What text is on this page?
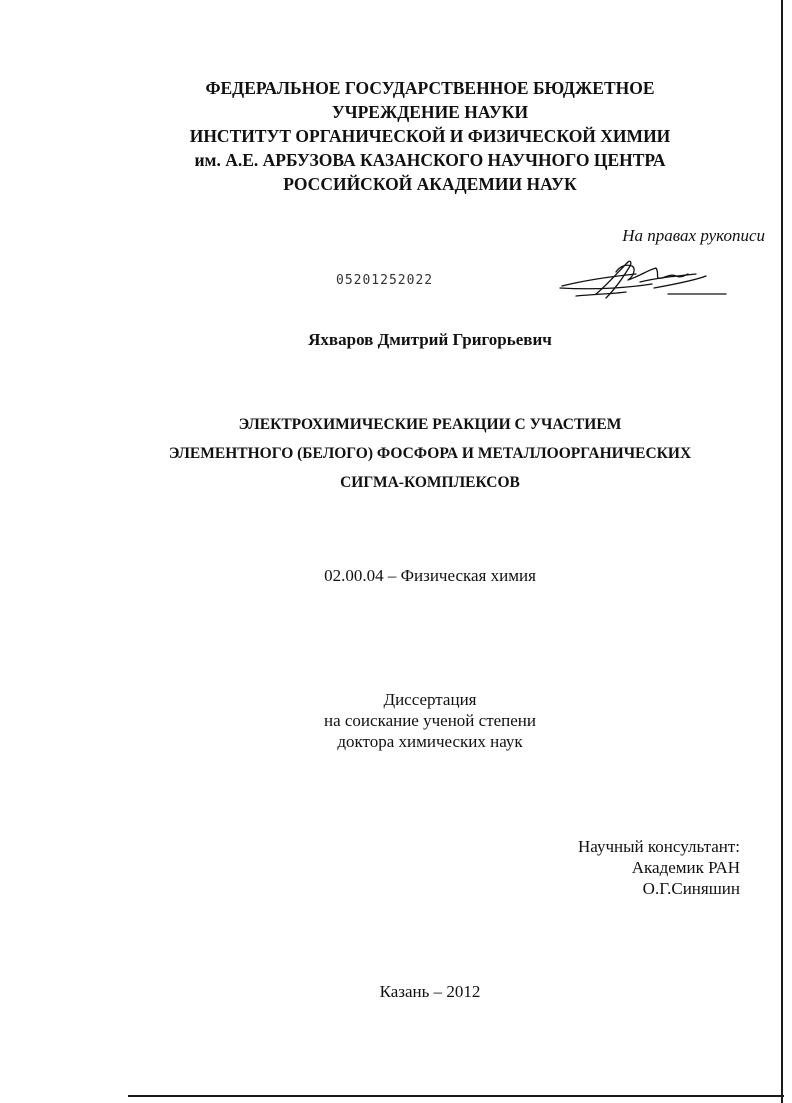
ФЕДЕРАЛЬНОЕ ГОСУДАРСТВЕННОЕ БЮДЖЕТНОЕ
УЧРЕЖДЕНИЕ НАУКИ
ИНСТИТУТ ОРГАНИЧЕСКОЙ И ФИЗИЧЕСКОЙ ХИМИИ
им. А.Е. АРБУЗОВА КАЗАНСКОГО НАУЧНОГО ЦЕНТРА
РОССИЙСКОЙ АКАДЕМИИ НАУК
На правах рукописи
05201252022
Яхваров Дмитрий Григорьевич
ЭЛЕКТРОХИМИЧЕСКИЕ РЕАКЦИИ С УЧАСТИЕМ
ЭЛЕМЕНТНОГО (БЕЛОГО) ФОСФОРА И МЕТАЛЛООРГАНИЧЕСКИХ
СИГМА-КОМПЛЕКСОВ
02.00.04 – Физическая химия
Диссертация
на соискание ученой степени
доктора химических наук
Научный консультант:
Академик РАН
О.Г.Синяшин
Казань – 2012
